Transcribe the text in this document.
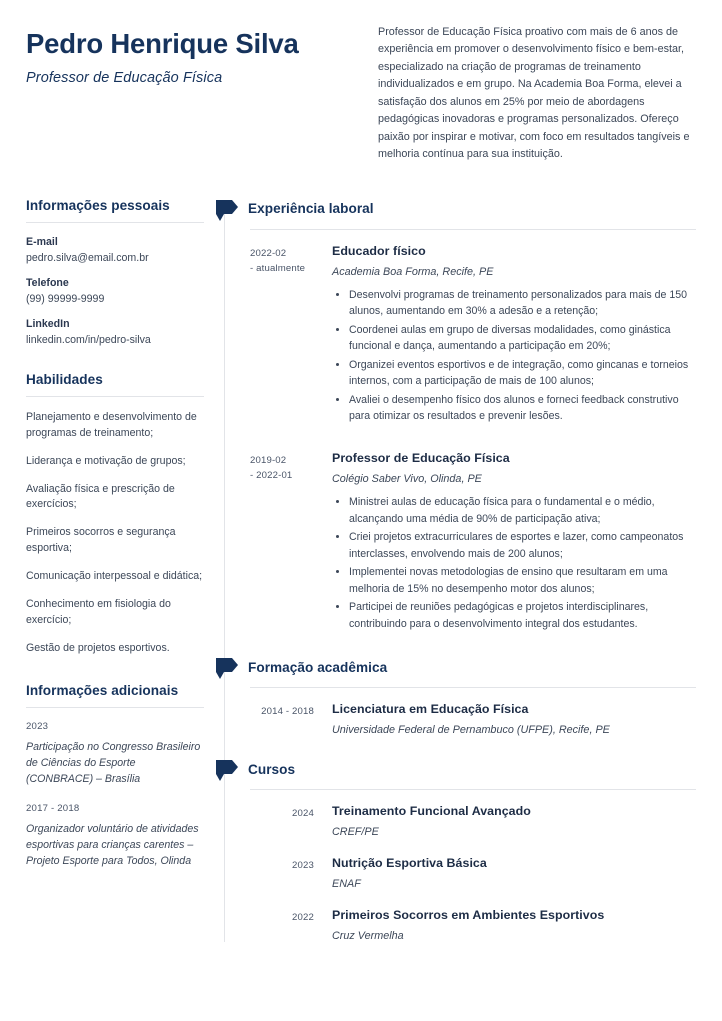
Pedro Henrique Silva
Professor de Educação Física
Professor de Educação Física proativo com mais de 6 anos de experiência em promover o desenvolvimento físico e bem-estar, especializado na criação de programas de treinamento individualizados e em grupo. Na Academia Boa Forma, elevei a satisfação dos alunos em 25% por meio de abordagens pedagógicas inovadoras e programas personalizados. Ofereço paixão por inspirar e motivar, com foco em resultados tangíveis e melhoria contínua para sua instituição.
Informações pessoais
E-mail
pedro.silva@email.com.br
Telefone
(99) 99999-9999
LinkedIn
linkedin.com/in/pedro-silva
Habilidades
Planejamento e desenvolvimento de programas de treinamento;
Liderança e motivação de grupos;
Avaliação física e prescrição de exercícios;
Primeiros socorros e segurança esportiva;
Comunicação interpessoal e didática;
Conhecimento em fisiologia do exercício;
Gestão de projetos esportivos.
Informações adicionais
2023
Participação no Congresso Brasileiro de Ciências do Esporte (CONBRACE) – Brasília
2017 - 2018
Organizador voluntário de atividades esportivas para crianças carentes – Projeto Esporte para Todos, Olinda
Experiência laboral
2022-02
- atualmente
Educador físico
Academia Boa Forma, Recife, PE
• Desenvolvi programas de treinamento personalizados para mais de 150 alunos, aumentando em 30% a adesão e a retenção;
• Coordenei aulas em grupo de diversas modalidades, como ginástica funcional e dança, aumentando a participação em 20%;
• Organizei eventos esportivos e de integração, como gincanas e torneios internos, com a participação de mais de 100 alunos;
• Avaliei o desempenho físico dos alunos e forneci feedback construtivo para otimizar os resultados e prevenir lesões.
2019-02
- 2022-01
Professor de Educação Física
Colégio Saber Vivo, Olinda, PE
• Ministrei aulas de educação física para o fundamental e o médio, alcançando uma média de 90% de participação ativa;
• Criei projetos extracurriculares de esportes e lazer, como campeonatos interclasses, envolvendo mais de 200 alunos;
• Implementei novas metodologias de ensino que resultaram em uma melhoria de 15% no desempenho motor dos alunos;
• Participei de reuniões pedagógicas e projetos interdisciplinares, contribuindo para o desenvolvimento integral dos estudantes.
Formação acadêmica
2014 - 2018 Licenciatura em Educação Física
Universidade Federal de Pernambuco (UFPE), Recife, PE
Cursos
2024 Treinamento Funcional Avançado
CREF/PE
2023 Nutrição Esportiva Básica
ENAF
2022 Primeiros Socorros em Ambientes Esportivos
Cruz Vermelha
